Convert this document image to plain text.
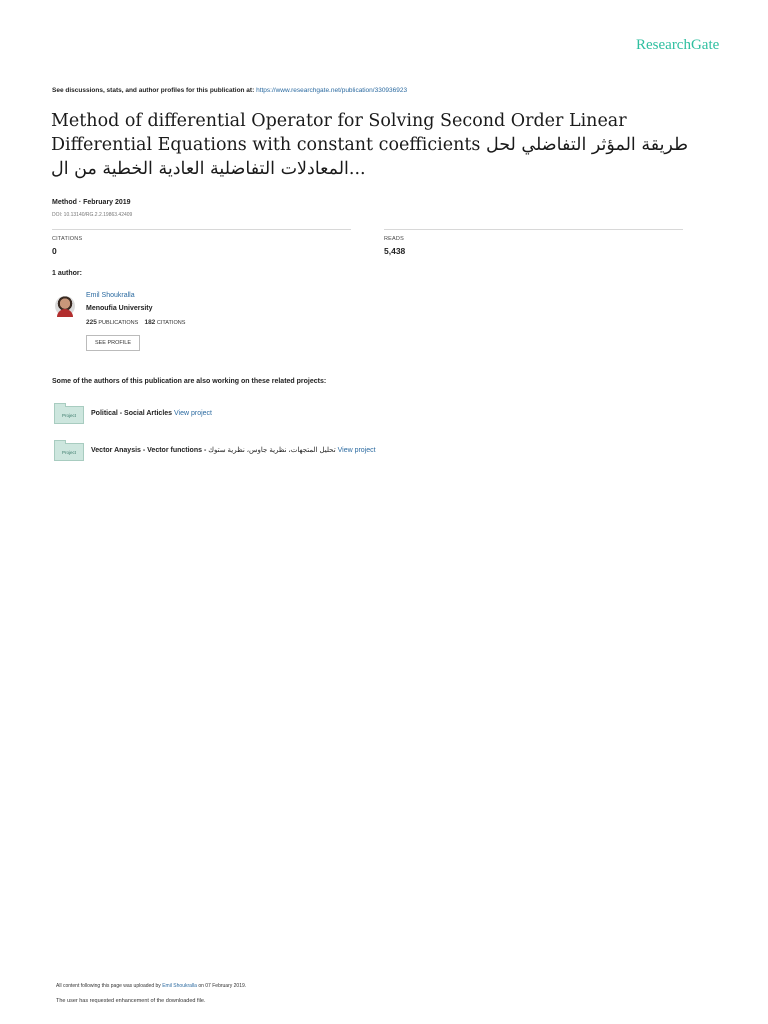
ResearchGate
See discussions, stats, and author profiles for this publication at: https://www.researchgate.net/publication/330936923
Method of differential Operator for Solving Second Order Linear Differential Equations with constant coefficients طريقة المؤثر التفاضلي لحل المعادلات التفاضلية العادية الخطية من ال...
Method · February 2019
DOI: 10.13140/RG.2.2.19863.42409
CITATIONS
0
READS
5,438
1 author:
Emil Shoukralla
Menoufia University
225 PUBLICATIONS 182 CITATIONS
SEE PROFILE
Some of the authors of this publication are also working on these related projects:
Project Political - Social Articles View project
Project Vector Anaysis - Vector functions - تحليل المتجهات، نظرية جاوس، نظرية ستوك View project
All content following this page was uploaded by Emil Shoukralla on 07 February 2019.
The user has requested enhancement of the downloaded file.
